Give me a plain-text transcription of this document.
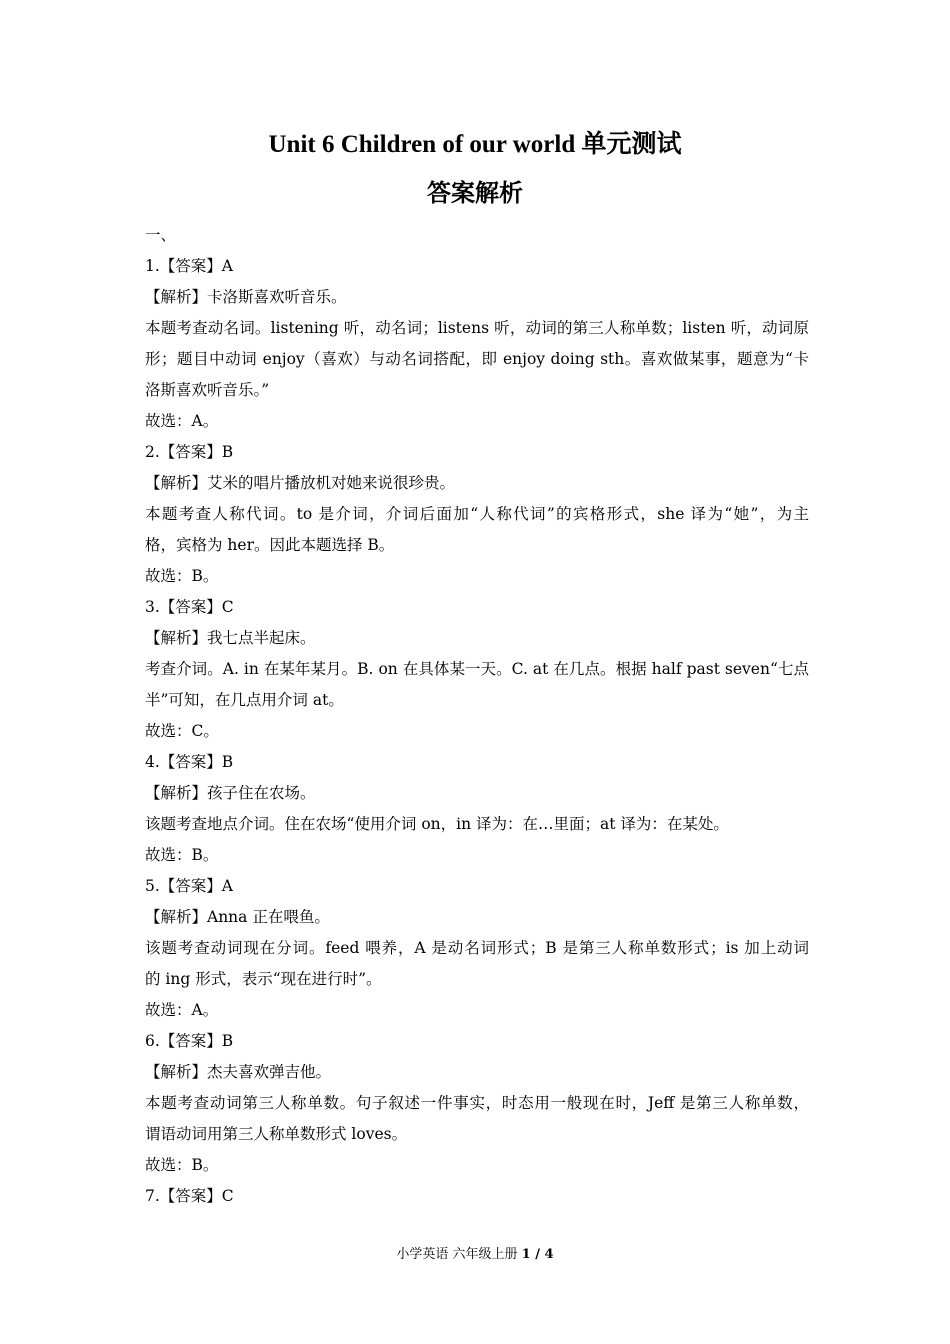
Unit 6 Children of our world 单元测试
答案解析
一、
1.【答案】A
【解析】卡洛斯喜欢听音乐。
本题考查动名词。listening 听，动名词；listens 听，动词的第三人称单数；listen 听，动词原
形；题目中动词 enjoy（喜欢）与动名词搭配，即 enjoy doing sth。喜欢做某事，题意为“卡
洛斯喜欢听音乐。”
故选：A。
2.【答案】B
【解析】艾米的唱片播放机对她来说很珍贵。
本题考查人称代词。to 是介词，介词后面加“人称代词”的宾格形式，she 译为“她”，为主
格，宾格为 her。因此本题选择 B。
故选：B。
3.【答案】C
【解析】我七点半起床。
考查介词。A. in 在某年某月。B. on 在具体某一天。C. at 在几点。根据 half past seven“七点
半”可知，在几点用介词 at。
故选：C。
4.【答案】B
【解析】孩子住在农场。
该题考查地点介词。住在农场“使用介词 on，in 译为：在…里面；at 译为：在某处。
故选：B。
5.【答案】A
【解析】Anna 正在喂鱼。
该题考查动词现在分词。feed 喂养，A 是动名词形式；B 是第三人称单数形式；is 加上动词
的 ing 形式，表示“现在进行时”。
故选：A。
6.【答案】B
【解析】杰夫喜欢弹吉他。
本题考查动词第三人称单数。句子叙述一件事实，时态用一般现在时，Jeff 是第三人称单数，
谓语动词用第三人称单数形式 loves。
故选：B。
7.【答案】C
小学英语 六年级上册 1 / 4
